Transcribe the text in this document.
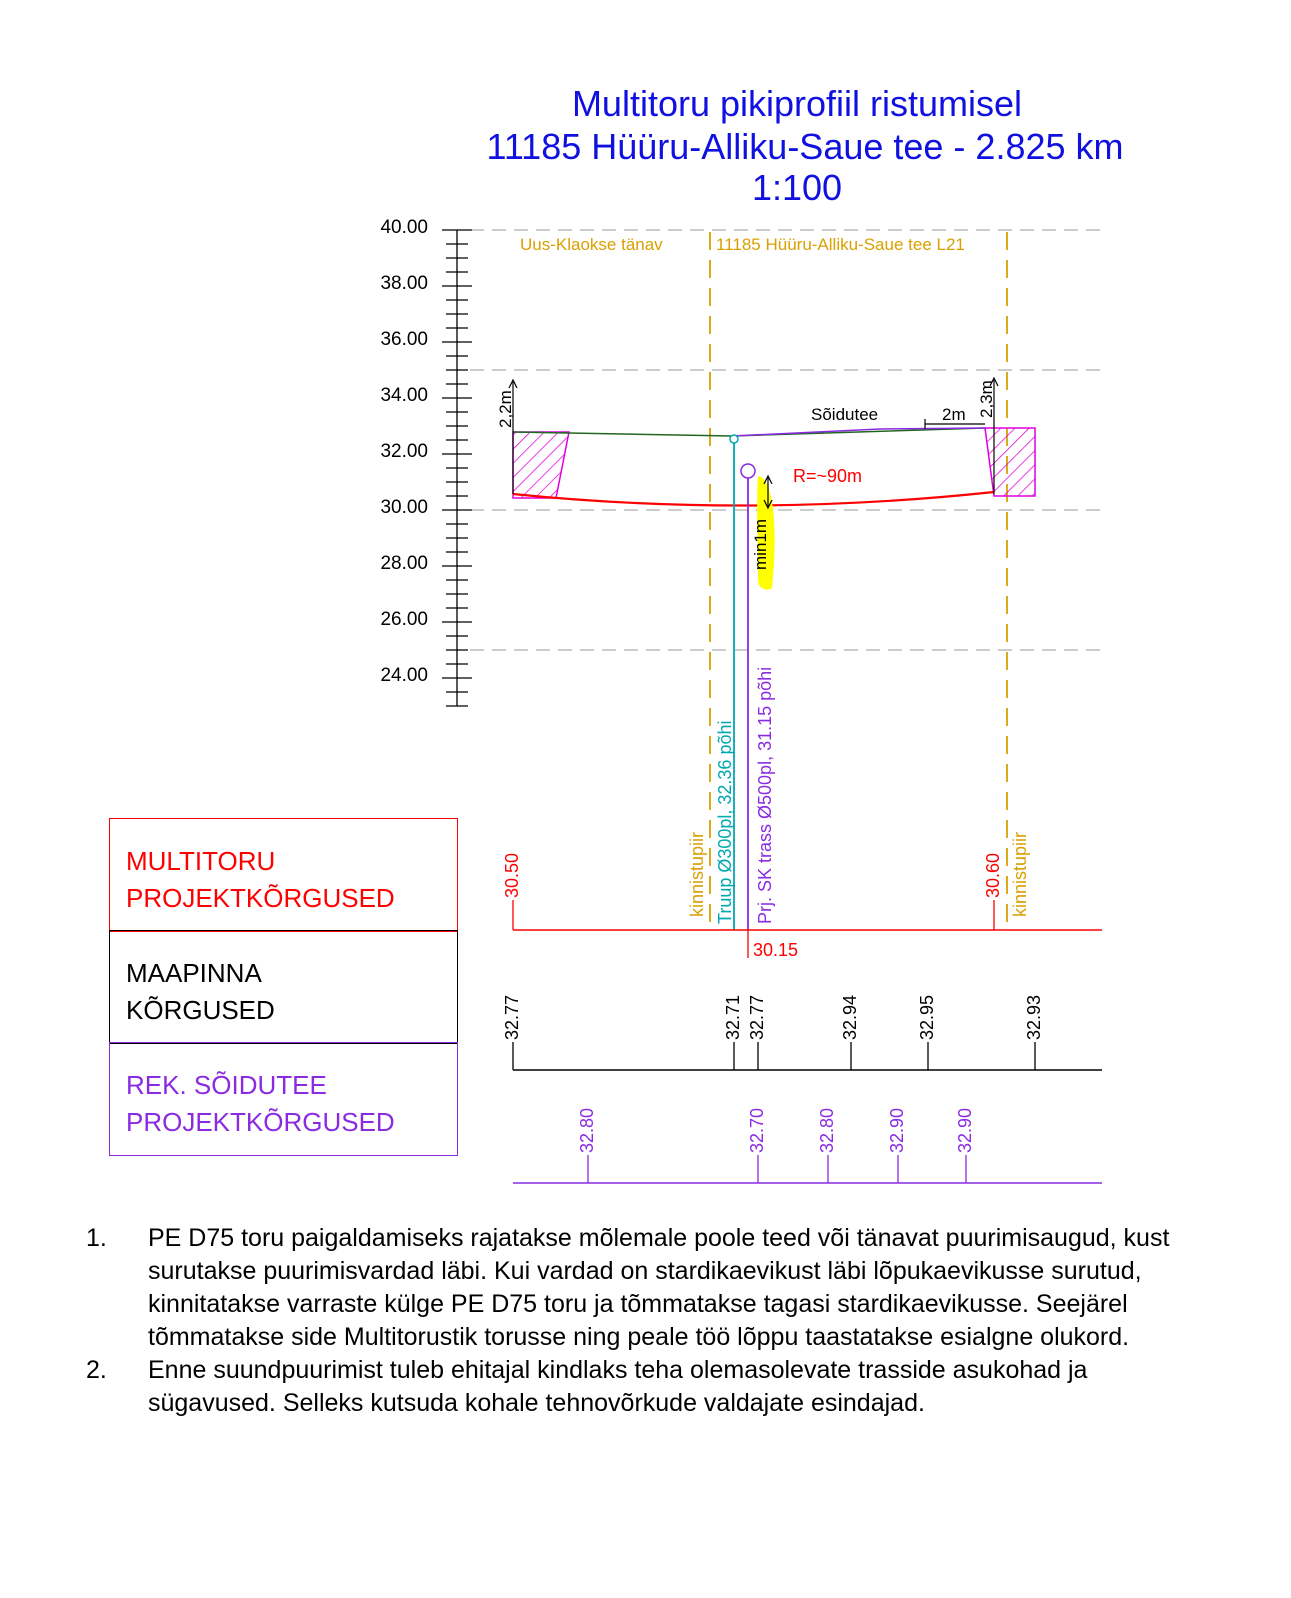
Multitoru pikiprofiil ristumisel
11185 Hüüru-Alliku-Saue tee - 2.825 km
1:100
40.00
38.00
36.00
34.00
32.00
30.00
28.00
26.00
24.00
Uus-Klaokse tänav	11185 Hüüru-Alliku-Saue tee L21
R=~90m
2,2m	2,3m
Sõidutee	2m
min1m
kinnistupiir Truup Ø300pl, 32.36 põhi Prj. SK trass Ø500pl, 31.15 põhi	kinnistupiir
30.50
30.15
30.60
32.77	32.71 32.77	32.94	32.95	32.93
32.80	32.70	32.80	32.90	32.90
MULTITORU
PROJEKTKÕRGUSED
MAAPINNA
KÕRGUSED
REK. SÕIDUTEE
PROJEKTKÕRGUSED
1.	PE D75 toru paigaldamiseks rajatakse mõlemale poole teed või tänavat puurimisaugud, kust surutakse puurimisvardad läbi. Kui vardad on stardikaevikust läbi lõpukaevikusse surutud, kinnitatakse varraste külge PE D75 toru ja tõmmatakse tagasi stardikaevikusse. Seejärel tõmmatakse side Multitorustik torusse ning peale töö lõppu taastatakse esialgne olukord.
2.	Enne suundpuurimist tuleb ehitajal kindlaks teha olemasolevate trasside asukohad ja sügavused. Selleks kutsuda kohale tehnovõrkude valdajate esindajad.
